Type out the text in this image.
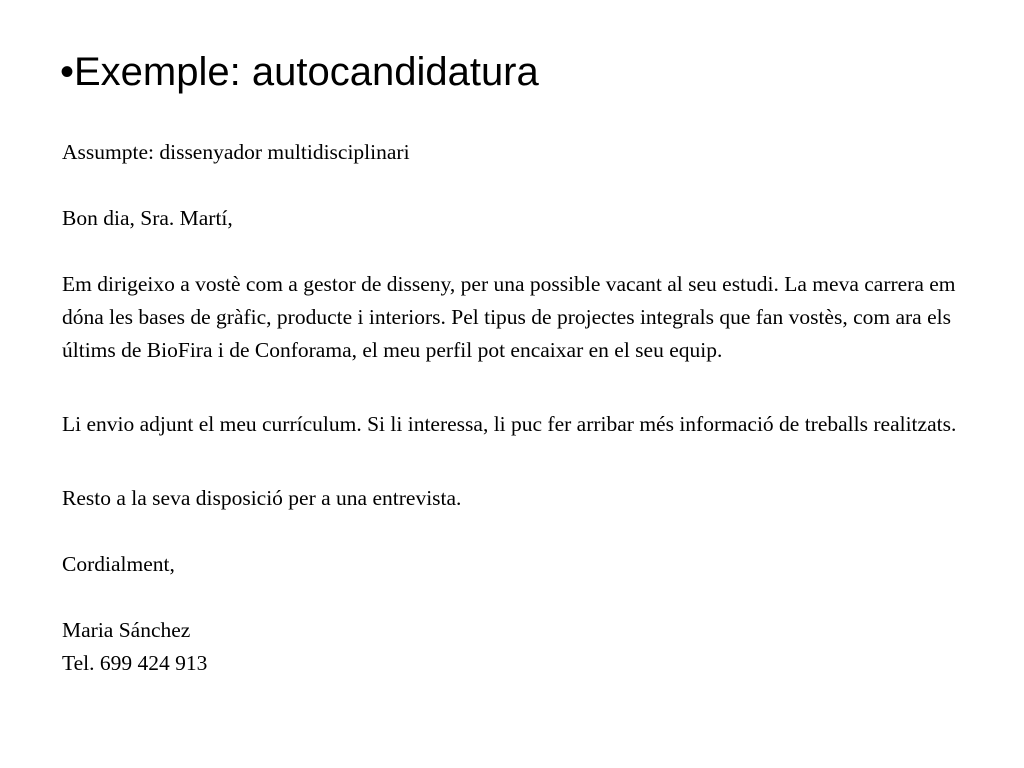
•Exemple: autocandidatura

Assumpte: dissenyador multidisciplinari

Bon dia, Sra. Martí,

Em dirigeixo a vostè com a gestor de disseny, per una possible vacant al seu estudi. La meva carrera em dóna les bases de gràfic, producte i interiors. Pel tipus de projectes integrals que fan vostès, com ara els últims de BioFira i de Conforama, el meu perfil pot encaixar en el seu equip.

Li envio adjunt el meu currículum. Si li interessa, li puc fer arribar més informació de treballs realitzats.

Resto a la seva disposició per a una entrevista.

Cordialment,

Maria Sánchez

Tel. 699 424 913
